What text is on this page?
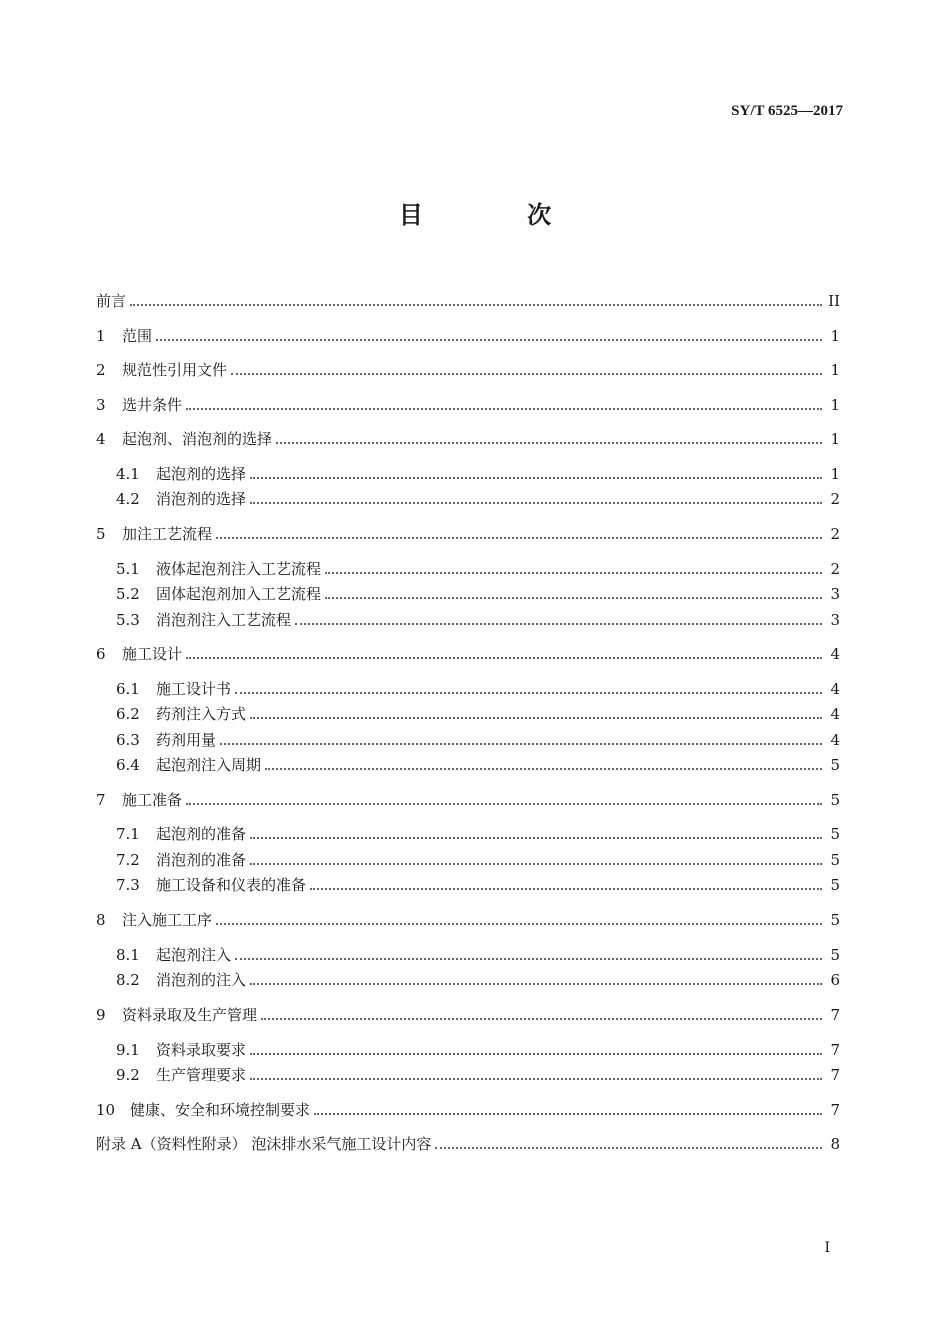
SY/T 6525—2017
目 次
前言	II
1	范围	1
2	规范性引用文件	1
3	选井条件	1
4	起泡剂、消泡剂的选择	1
4.1	起泡剂的选择	1
4.2	消泡剂的选择	2
5	加注工艺流程	2
5.1	液体起泡剂注入工艺流程	2
5.2	固体起泡剂加入工艺流程	3
5.3	消泡剂注入工艺流程	3
6	施工设计	4
6.1	施工设计书	4
6.2	药剂注入方式	4
6.3	药剂用量	4
6.4	起泡剂注入周期	5
7	施工准备	5
7.1	起泡剂的准备	5
7.2	消泡剂的准备	5
7.3	施工设备和仪表的准备	5
8	注入施工工序	5
8.1	起泡剂注入	5
8.2	消泡剂的注入	6
9	资料录取及生产管理	7
9.1	资料录取要求	7
9.2	生产管理要求	7
10 健康、安全和环境控制要求	7
附录 A（资料性附录） 泡沫排水采气施工设计内容	8
I
